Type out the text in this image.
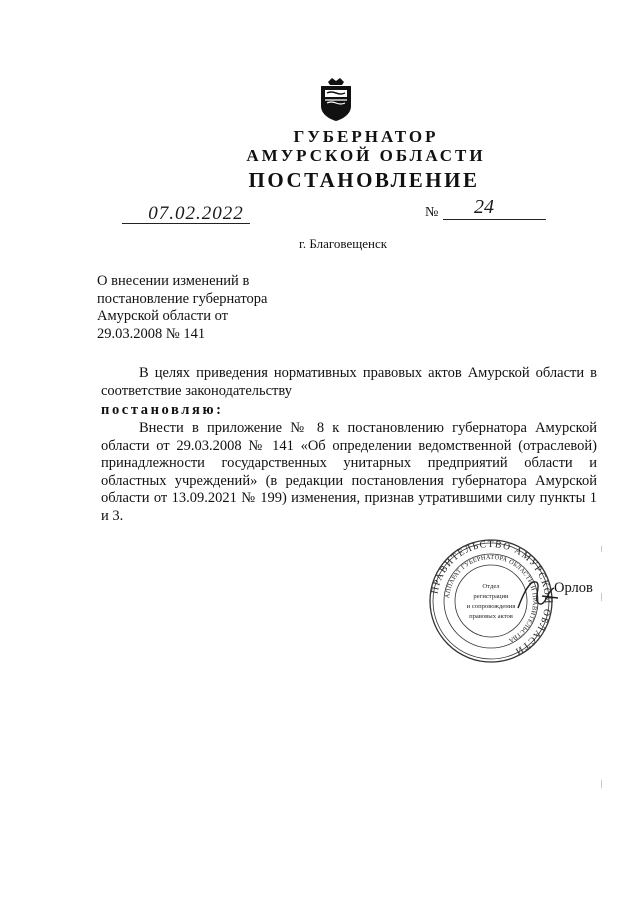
ГУБЕРНАТОР
АМУРСКОЙ ОБЛАСТИ
ПОСТАНОВЛЕНИЕ
07.02.2022	№ 24
г. Благовещенск
О внесении изменений в
постановление губернатора
Амурской области от
29.03.2008 № 141
В целях приведения нормативных правовых актов Амурской области в соответствие законодательству
постановляю:
Внести в приложение № 8 к постановлению губернатора Амурской области от 29.03.2008 № 141 «Об определении ведомственной (отраслевой) принадлежности государственных унитарных предприятий области и областных учреждений» (в редакции постановления губернатора Амурской области от 13.09.2021 № 199) изменения, признав утратившими силу пункты 1 и 3.
ПРАВИТЕЛЬСТВО АМУРСКОЙ ОБЛАСТИ
АППАРАТ ГУБЕРНАТОРА ОБЛАСТИ И ПРАВИТЕЛЬСТВА
Отдел
регистрации
и сопровождения
правовых актов
Орлов
